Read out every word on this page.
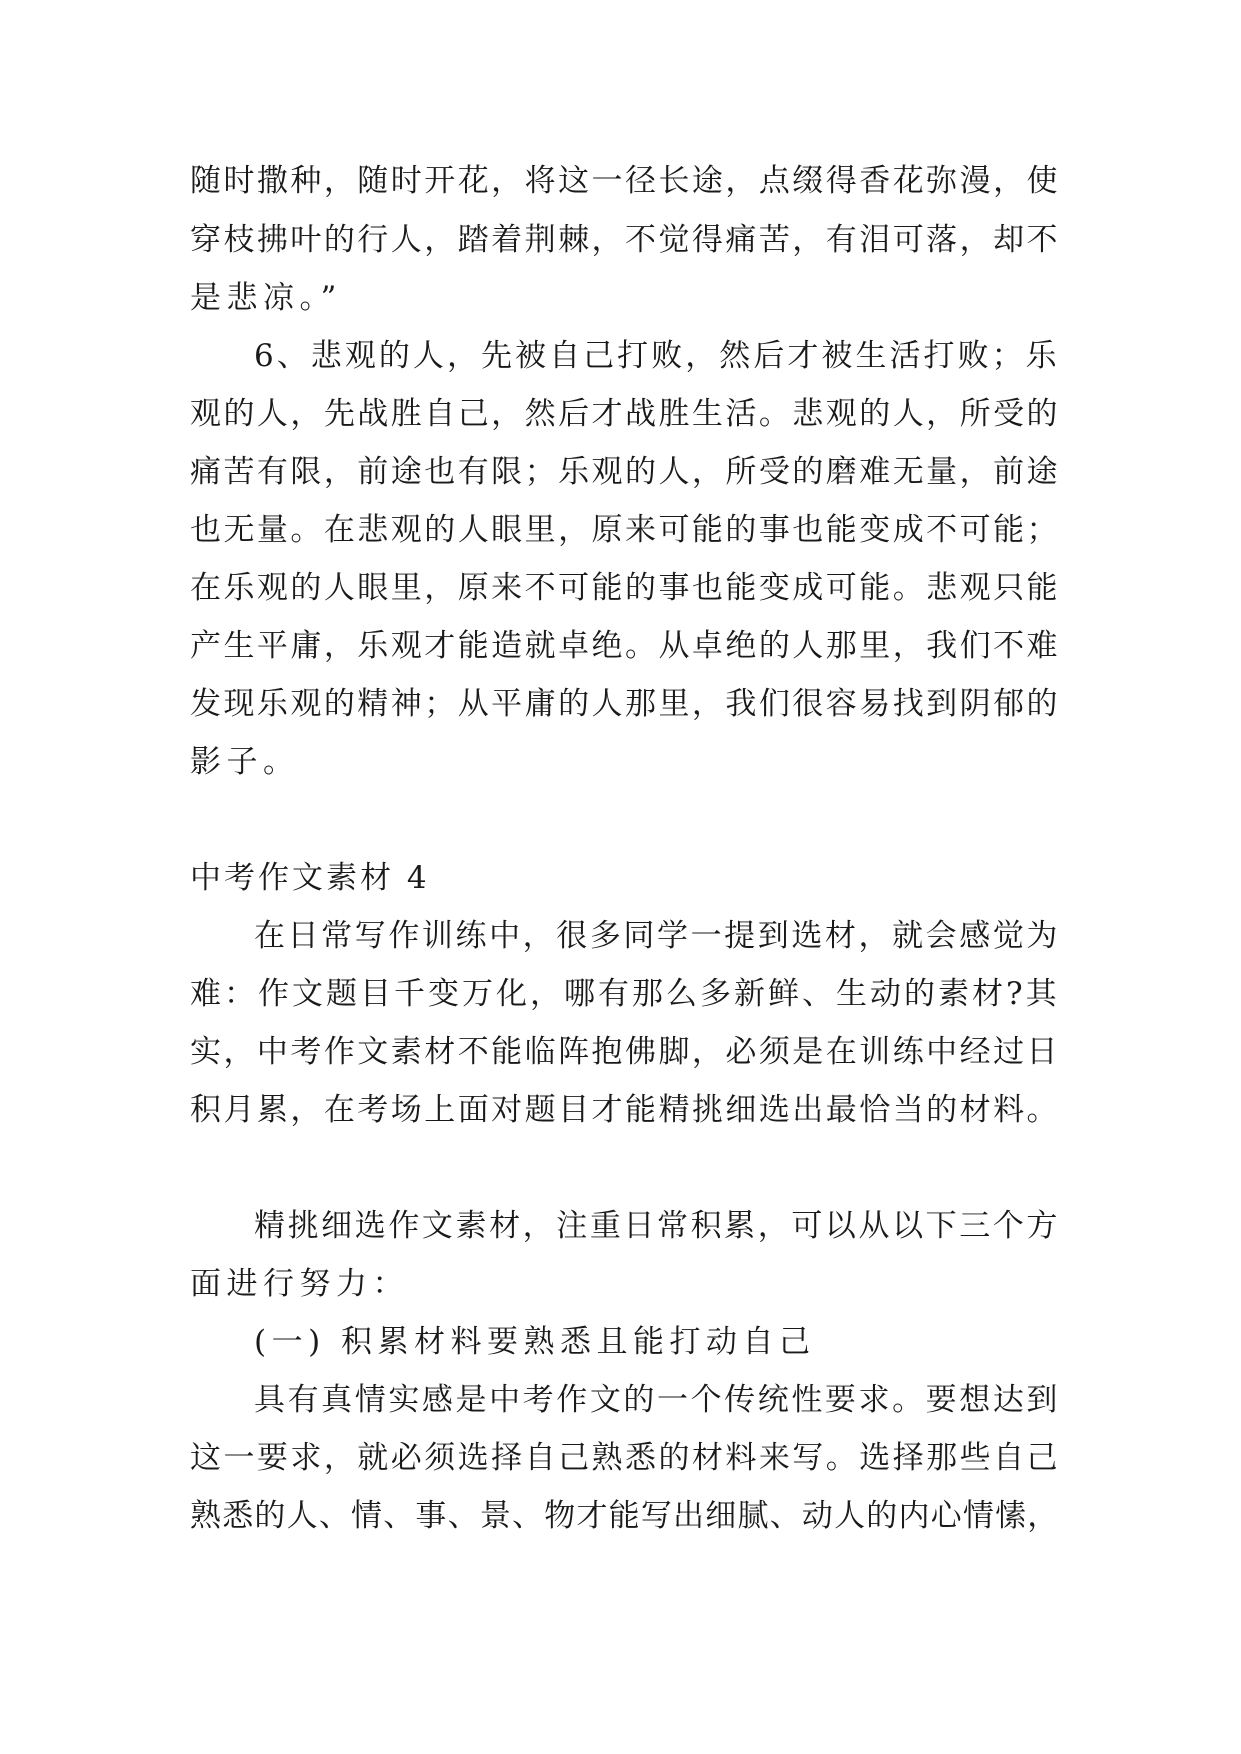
随时撒种，随时开花，将这一径长途，点缀得香花弥漫，使
穿枝拂叶的行人，踏着荆棘，不觉得痛苦，有泪可落，却不
是悲凉。”
6、悲观的人，先被自己打败，然后才被生活打败；乐
观的人，先战胜自己，然后才战胜生活。悲观的人，所受的
痛苦有限，前途也有限；乐观的人，所受的磨难无量，前途
也无量。在悲观的人眼里，原来可能的事也能变成不可能；
在乐观的人眼里，原来不可能的事也能变成可能。悲观只能
产生平庸，乐观才能造就卓绝。从卓绝的人那里，我们不难
发现乐观的精神；从平庸的人那里，我们很容易找到阴郁的
影子。
中考作文素材 4
在日常写作训练中，很多同学一提到选材，就会感觉为
难：作文题目千变万化，哪有那么多新鲜、生动的素材?其
实，中考作文素材不能临阵抱佛脚，必须是在训练中经过日
积月累，在考场上面对题目才能精挑细选出最恰当的材料。
精挑细选作文素材，注重日常积累，可以从以下三个方
面进行努力：
(一) 积累材料要熟悉且能打动自己
具有真情实感是中考作文的一个传统性要求。要想达到
这一要求，就必须选择自己熟悉的材料来写。选择那些自己
熟悉的人、情、事、景、物才能写出细腻、动人的内心情愫，
